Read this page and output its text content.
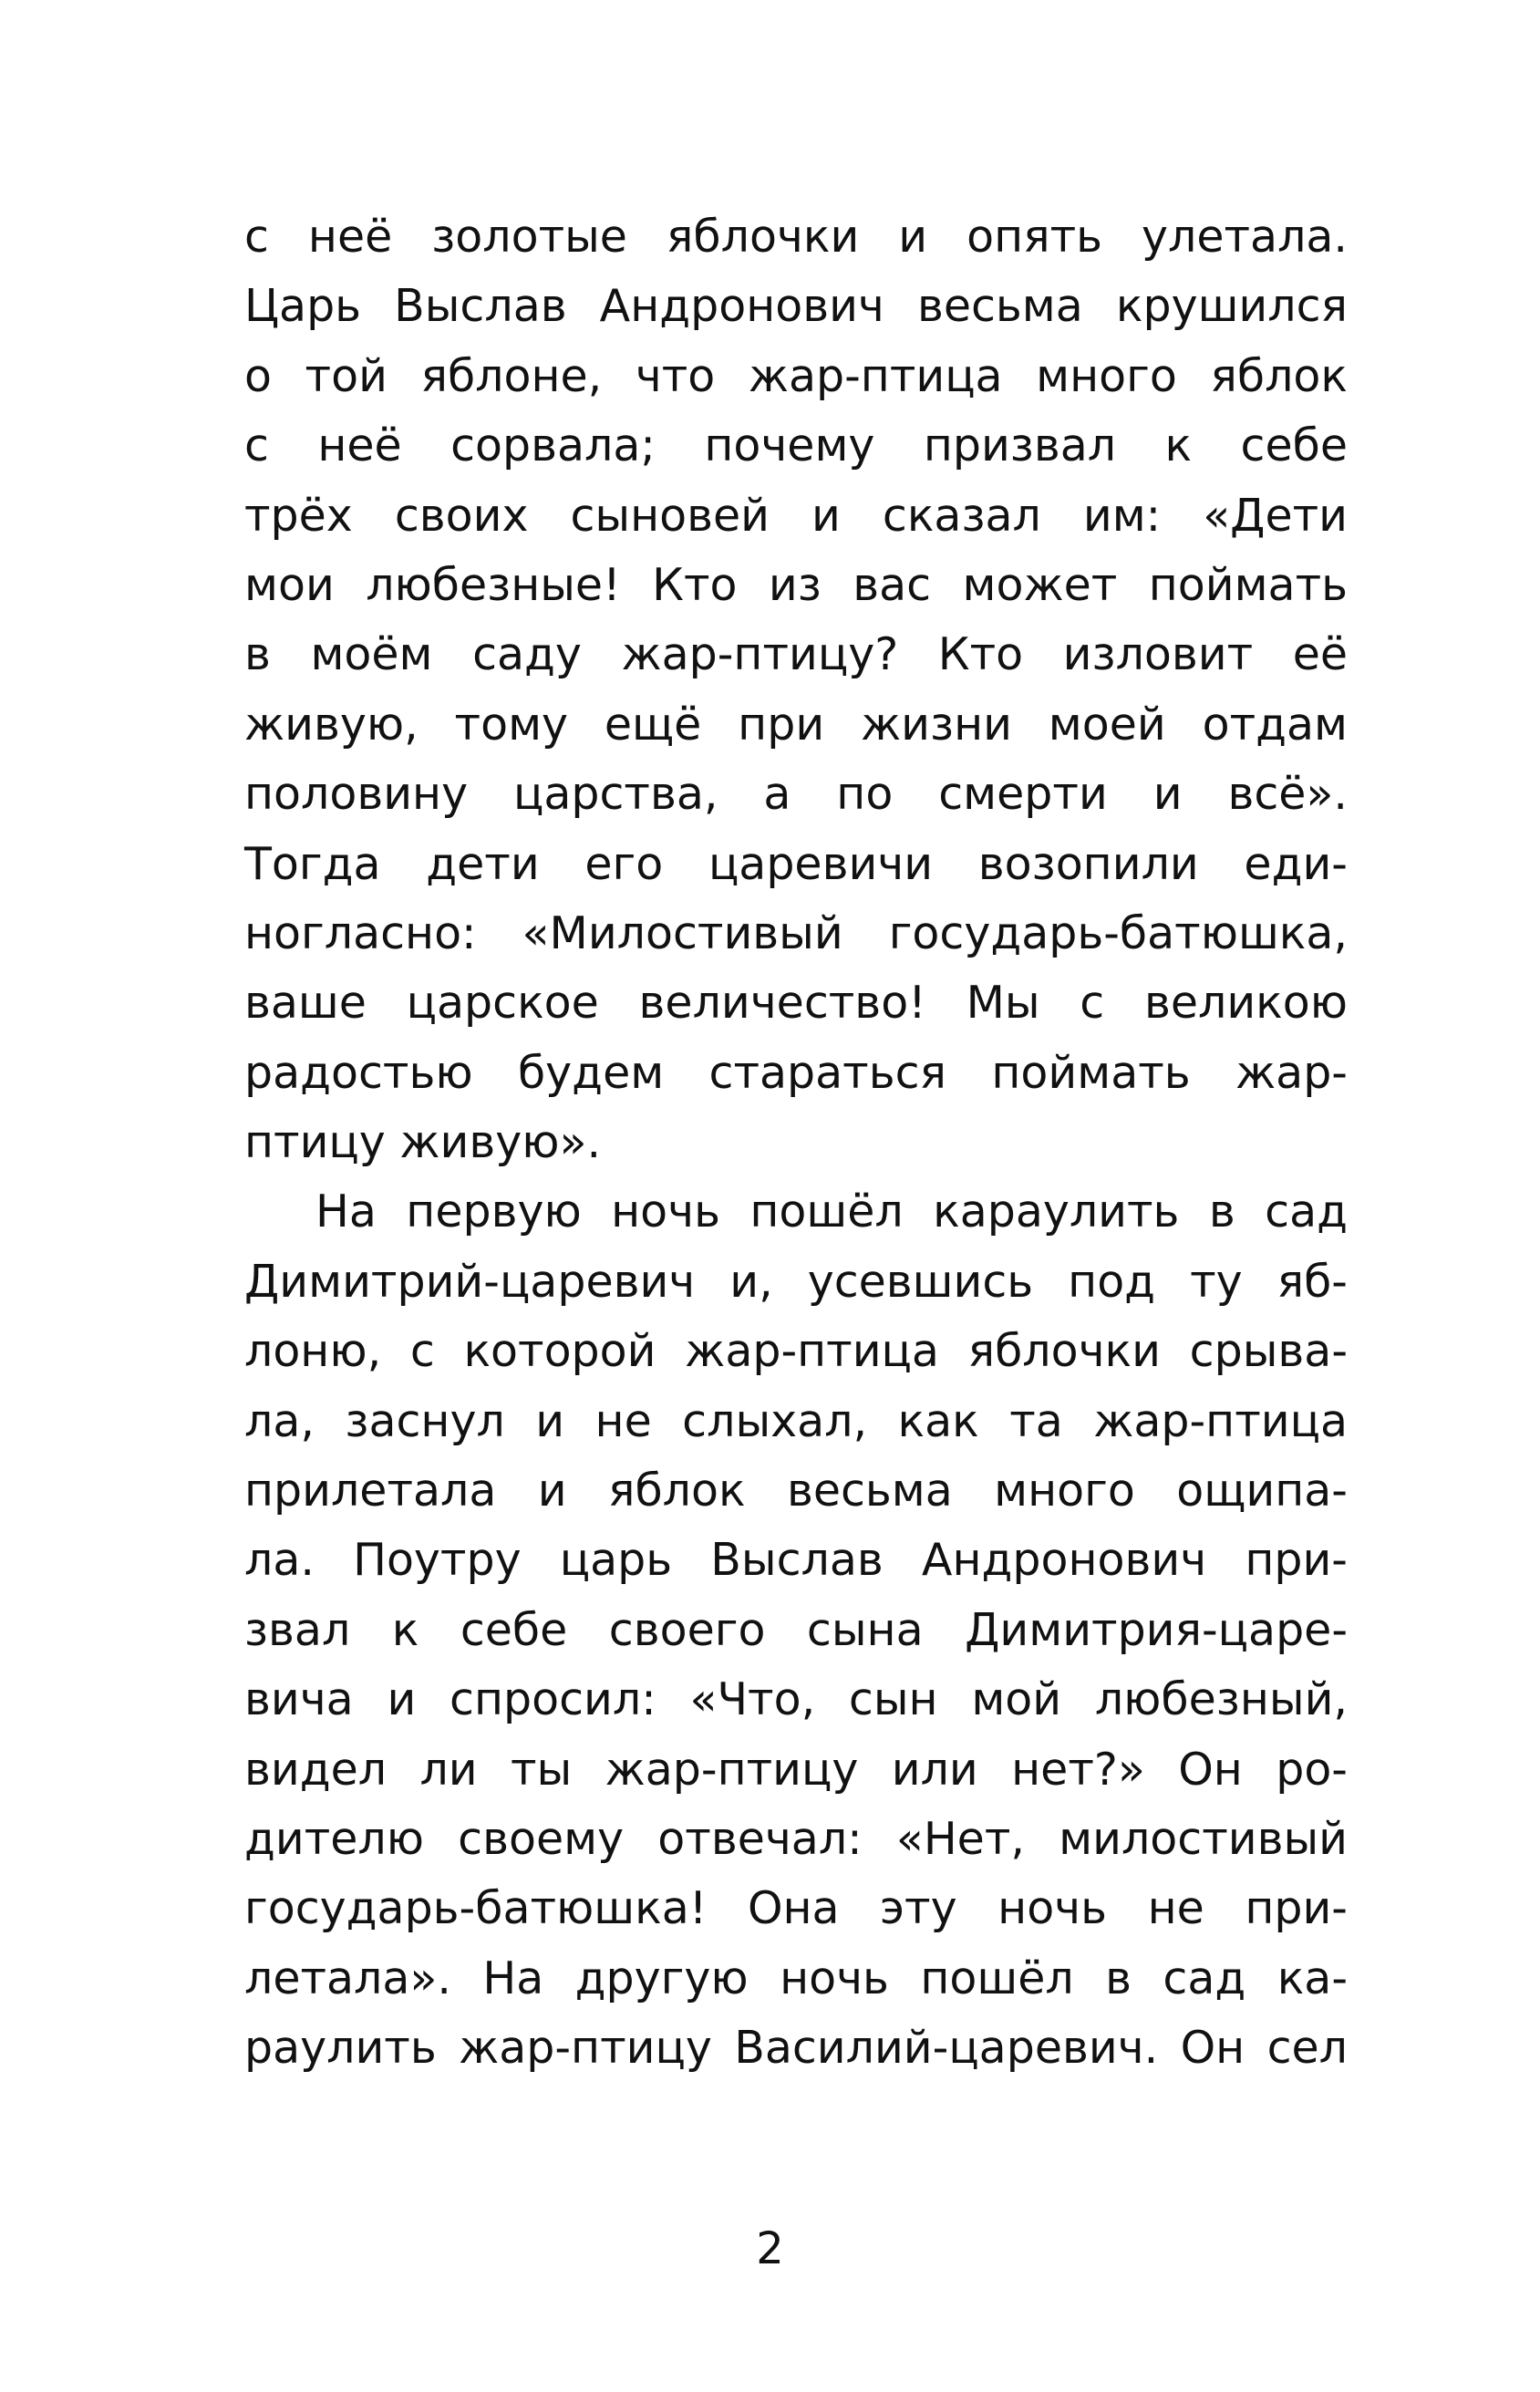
с неё золотые яблочки и опять улетала.
Царь Выслав Андронович весьма крушился
о той яблоне, что жар-птица много яблок
с неё сорвала; почему призвал к себе
трёх своих сыновей и сказал им: «Дети
мои любезные! Кто из вас может поймать
в моём саду жар-птицу? Кто изловит её
живую, тому ещё при жизни моей отдам
половину царства, а по смерти и всё».
Тогда дети его царевичи возопили еди-
ногласно: «Милостивый государь-батюшка,
ваше царское величество! Мы с великою
радостью будем стараться поймать жар-
птицу живую».
На первую ночь пошёл караулить в сад
Димитрий-царевич и, усевшись под ту яб-
лоню, с которой жар-птица яблочки срыва-
ла, заснул и не слыхал, как та жар-птица
прилетала и яблок весьма много ощипа-
ла. Поутру царь Выслав Андронович при-
звал к себе своего сына Димитрия-царе-
вича и спросил: «Что, сын мой любезный,
видел ли ты жар-птицу или нет?» Он ро-
дителю своему отвечал: «Нет, милостивый
государь-батюшка! Она эту ночь не при-
летала». На другую ночь пошёл в сад ка-
раулить жар-птицу Василий-царевич. Он сел
2
